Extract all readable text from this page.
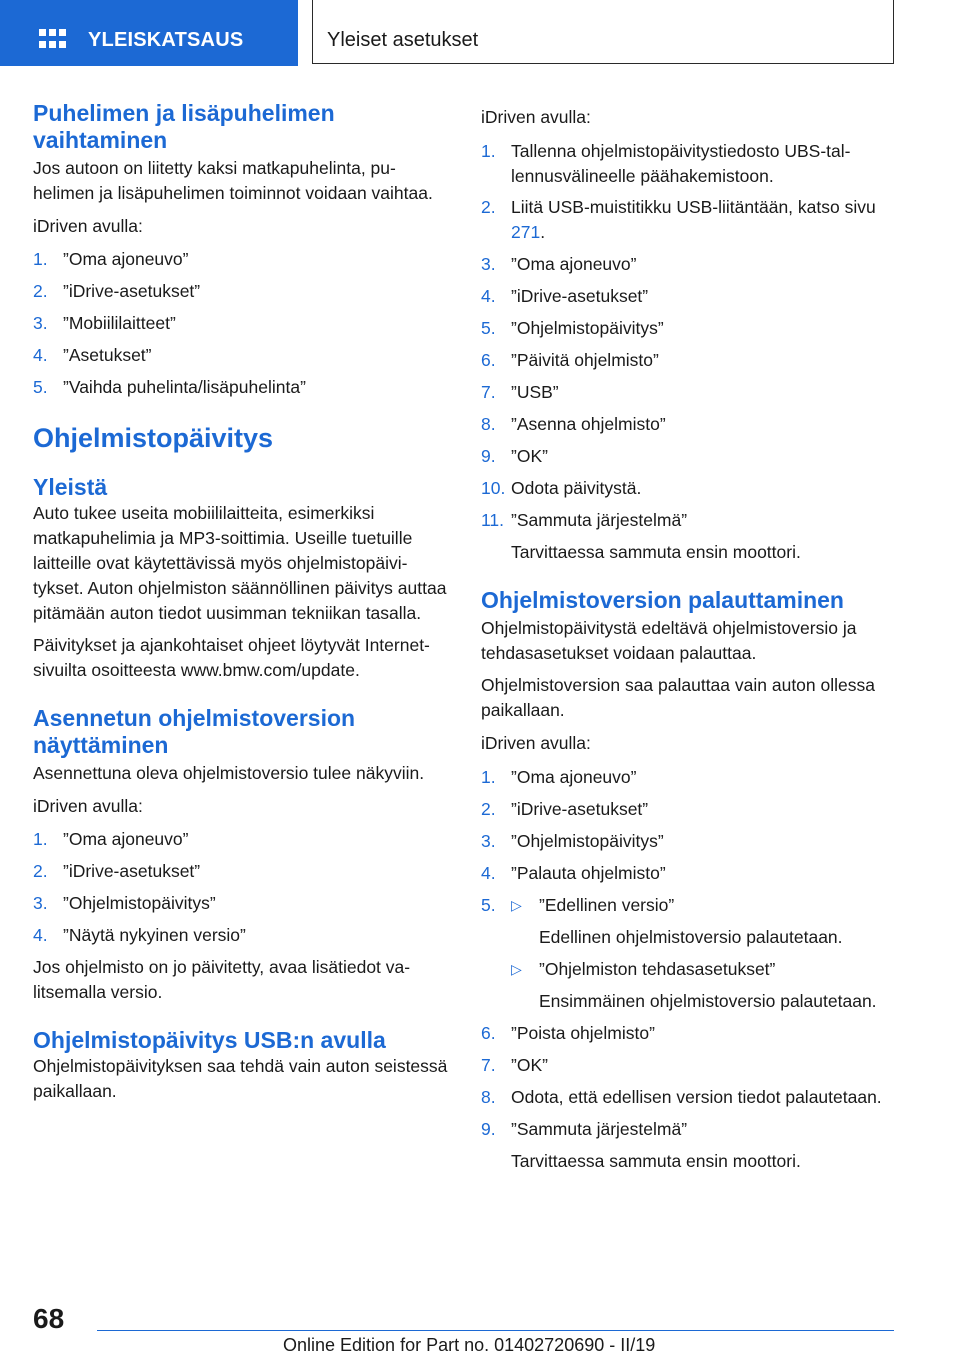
YLEISKATSAUS	Yleiset asetukset
Puhelimen ja lisäpuhelimen vaihtaminen

Jos autoon on liitetty kaksi matkapuhelinta, puhelimen ja lisäpuhelimen toiminnot voidaan vaihtaa.

iDriven avulla:

1. ”Oma ajoneuvo”
2. ”iDrive-asetukset”
3. ”Mobiililaitteet”
4. ”Asetukset”
5. ”Vaihda puhelinta/lisäpuhelinta”
Ohjelmistopäivitys
Yleistä

Auto tukee useita mobiililaitteita, esimerkiksi matkapuhelimia ja MP3-soittimia. Useille tuetuille laitteille ovat käytettävissä myös ohjelmistopäivitykset. Auton ohjelmiston säännöllinen päivitys auttaa pitämään auton tiedot uusimman tekniikan tasalla.

Päivitykset ja ajankohtaiset ohjeet löytyvät Internet-sivuilta osoitteesta www.bmw.com/update.

Asennetun ohjelmistoversion näyttäminen

Asennettuna oleva ohjelmistoversio tulee näkyviin.

iDriven avulla:

1. ”Oma ajoneuvo”
2. ”iDrive-asetukset”
3. ”Ohjelmistopäivitys”
4. ”Näytä nykyinen versio”

Jos ohjelmisto on jo päivitetty, avaa lisätiedot valitsemalla versio.

Ohjelmistopäivitys USB:n avulla

Ohjelmistopäivityksen saa tehdä vain auton seistessä paikallaan.

iDriven avulla:

1. Tallenna ohjelmistopäivitystiedosto UBS-tallennusvälineelle päähakemistoon.
2. Liitä USB-muistitikku USB-liitäntään, katso sivu 271.
3. ”Oma ajoneuvo”
4. ”iDrive-asetukset”
5. ”Ohjelmistopäivitys”
6. ”Päivitä ohjelmisto”
7. ”USB”
8. ”Asenna ohjelmisto”
9. ”OK”
10. Odota päivitystä.
11. ”Sammuta järjestelmä”
Tarvittaessa sammuta ensin moottori.
Ohjelmistoversion palauttaminen

Ohjelmistopäivitystä edeltävä ohjelmistoversio ja tehdasasetukset voidaan palauttaa.

Ohjelmistoversion saa palauttaa vain auton ollessa paikallaan.

iDriven avulla:

1. ”Oma ajoneuvo”
2. ”iDrive-asetukset”
3. ”Ohjelmistopäivitys”
4. ”Palauta ohjelmisto”
5. ▷ ”Edellinen versio”
Edellinen ohjelmistoversio palautetaan.
▷ ”Ohjelmiston tehdasasetukset”
Ensimmäinen ohjelmistoversio palautetaan.
6. ”Poista ohjelmisto”
7. ”OK”
8. Odota, että edellisen version tiedot palautetaan.
9. ”Sammuta järjestelmä”
Tarvittaessa sammuta ensin moottori.
68
Online Edition for Part no. 01402720690 - II/19
